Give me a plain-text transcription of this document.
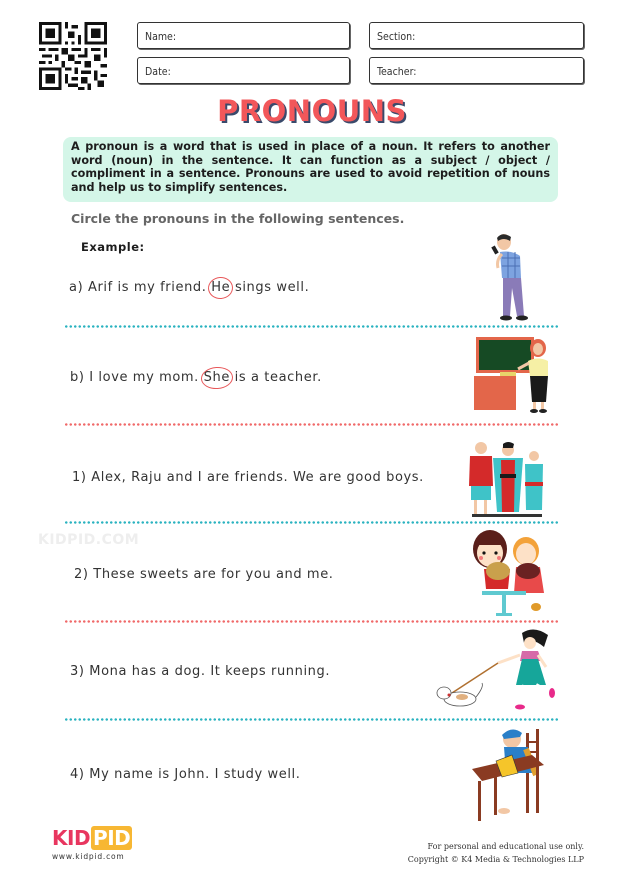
Name:	Section:
Date:	Teacher:
PRONOUNS
A pronoun is a word that is used in place of a noun. It refers to another word (noun) in the sentence. It can function as a subject / object / compliment in a sentence. Pronouns are used to avoid repetition of nouns and help us to simplify sentences.
Circle the pronouns in the following sentences.
Example:
a) Arif is my friend. He sings well.
b) I love my mom. She is a teacher.
1) Alex, Raju and I are friends. We are good boys.
2) These sweets are for you and me.
3) Mona has a dog. It keeps running.
4) My name is John. I study well.
KIDPID.COM
KID PID
www.kidpid.com
For personal and educational use only.
Copyright © K4 Media & Technologies LLP
